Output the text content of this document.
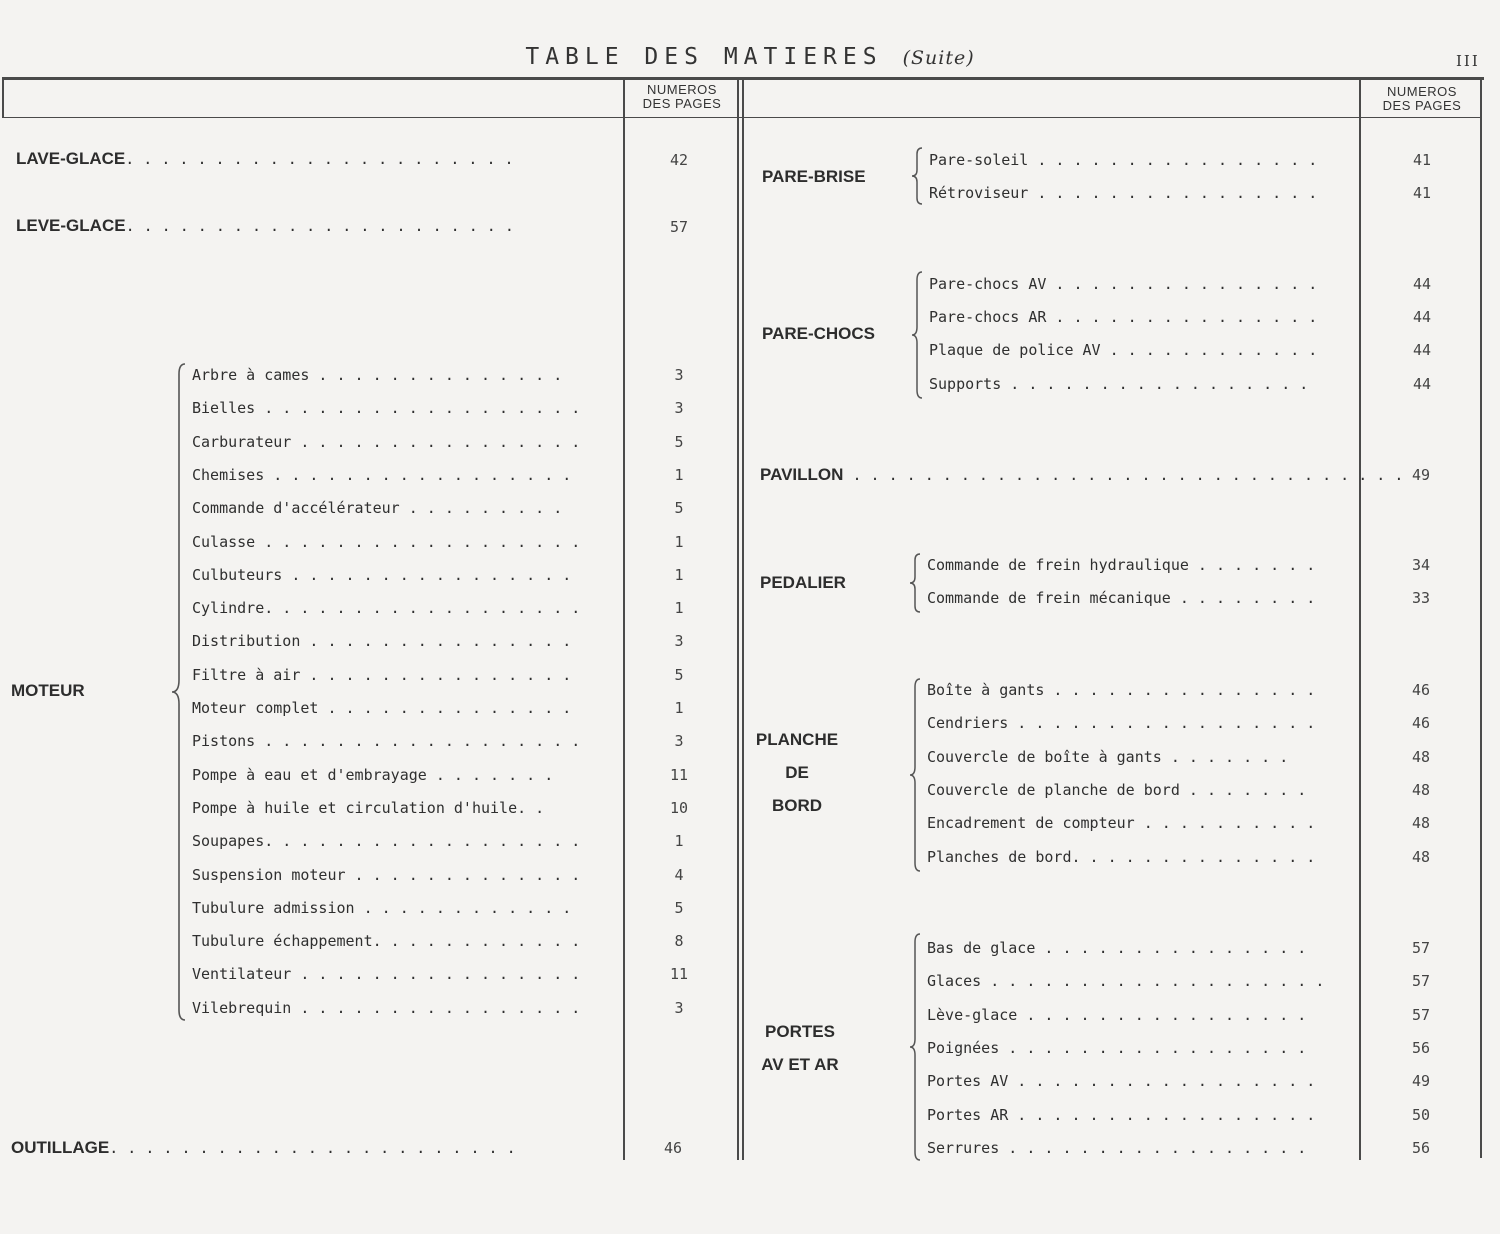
TABLE DES MATIERES (Suite)	III
NUMEROS
DES PAGES
NUMEROS
DES PAGES
LAVE-GLACE. . . . . . . . . . . . . . . . . . . . . .	42
LEVE-GLACE. . . . . . . . . . . . . . . . . . . . . .	57
MOTEUR
Arbre à cames . . . . . . . . . . . . . .	3
Bielles . . . . . . . . . . . . . . . . . .	3
Carburateur . . . . . . . . . . . . . . . .	5
Chemises . . . . . . . . . . . . . . . . .	1
Commande d'accélérateur . . . . . . . . .	5
Culasse . . . . . . . . . . . . . . . . . .	1
Culbuteurs . . . . . . . . . . . . . . . .	1
Cylindre. . . . . . . . . . . . . . . . . .	1
Distribution . . . . . . . . . . . . . . .	3
Filtre à air . . . . . . . . . . . . . . .	5
Moteur complet . . . . . . . . . . . . . .	1
Pistons . . . . . . . . . . . . . . . . . .	3
Pompe à eau et d'embrayage . . . . . . .	11
Pompe à huile et circulation d'huile. .	10
Soupapes. . . . . . . . . . . . . . . . . .	1
Suspension moteur . . . . . . . . . . . . .	4
Tubulure admission . . . . . . . . . . . .	5
Tubulure échappement. . . . . . . . . . . .	8
Ventilateur . . . . . . . . . . . . . . . .	11
Vilebrequin . . . . . . . . . . . . . . . .	3
OUTILLAGE. . . . . . . . . . . . . . . . . . . . . . .	46
PARE-BRISE
Pare-soleil . . . . . . . . . . . . . . . .	41
Rétroviseur . . . . . . . . . . . . . . . .	41
PARE-CHOCS
Pare-chocs AV . . . . . . . . . . . . . . .	44
Pare-chocs AR . . . . . . . . . . . . . . .	44
Plaque de police AV . . . . . . . . . . . .	44
Supports . . . . . . . . . . . . . . . . .	44
PAVILLON . . . . . . . . . . . . . . . . . . . . . . . . . . . . . . . 49
PEDALIER
Commande de frein hydraulique . . . . . . .	34
Commande de frein mécanique . . . . . . . .	33
PLANCHE
DE
BORD
Boîte à gants . . . . . . . . . . . . . . .	46
Cendriers . . . . . . . . . . . . . . . . .	46
Couvercle de boîte à gants . . . . . . .	48
Couvercle de planche de bord . . . . . . .	48
Encadrement de compteur . . . . . . . . . .	48
Planches de bord. . . . . . . . . . . . . .	48
PORTES
AV ET AR
Bas de glace . . . . . . . . . . . . . . .	57
Glaces . . . . . . . . . . . . . . . . . . .	57
Lève-glace . . . . . . . . . . . . . . . .	57
Poignées . . . . . . . . . . . . . . . . .	56
Portes AV . . . . . . . . . . . . . . . . .	49
Portes AR . . . . . . . . . . . . . . . . .	50
Serrures . . . . . . . . . . . . . . . . .	56
